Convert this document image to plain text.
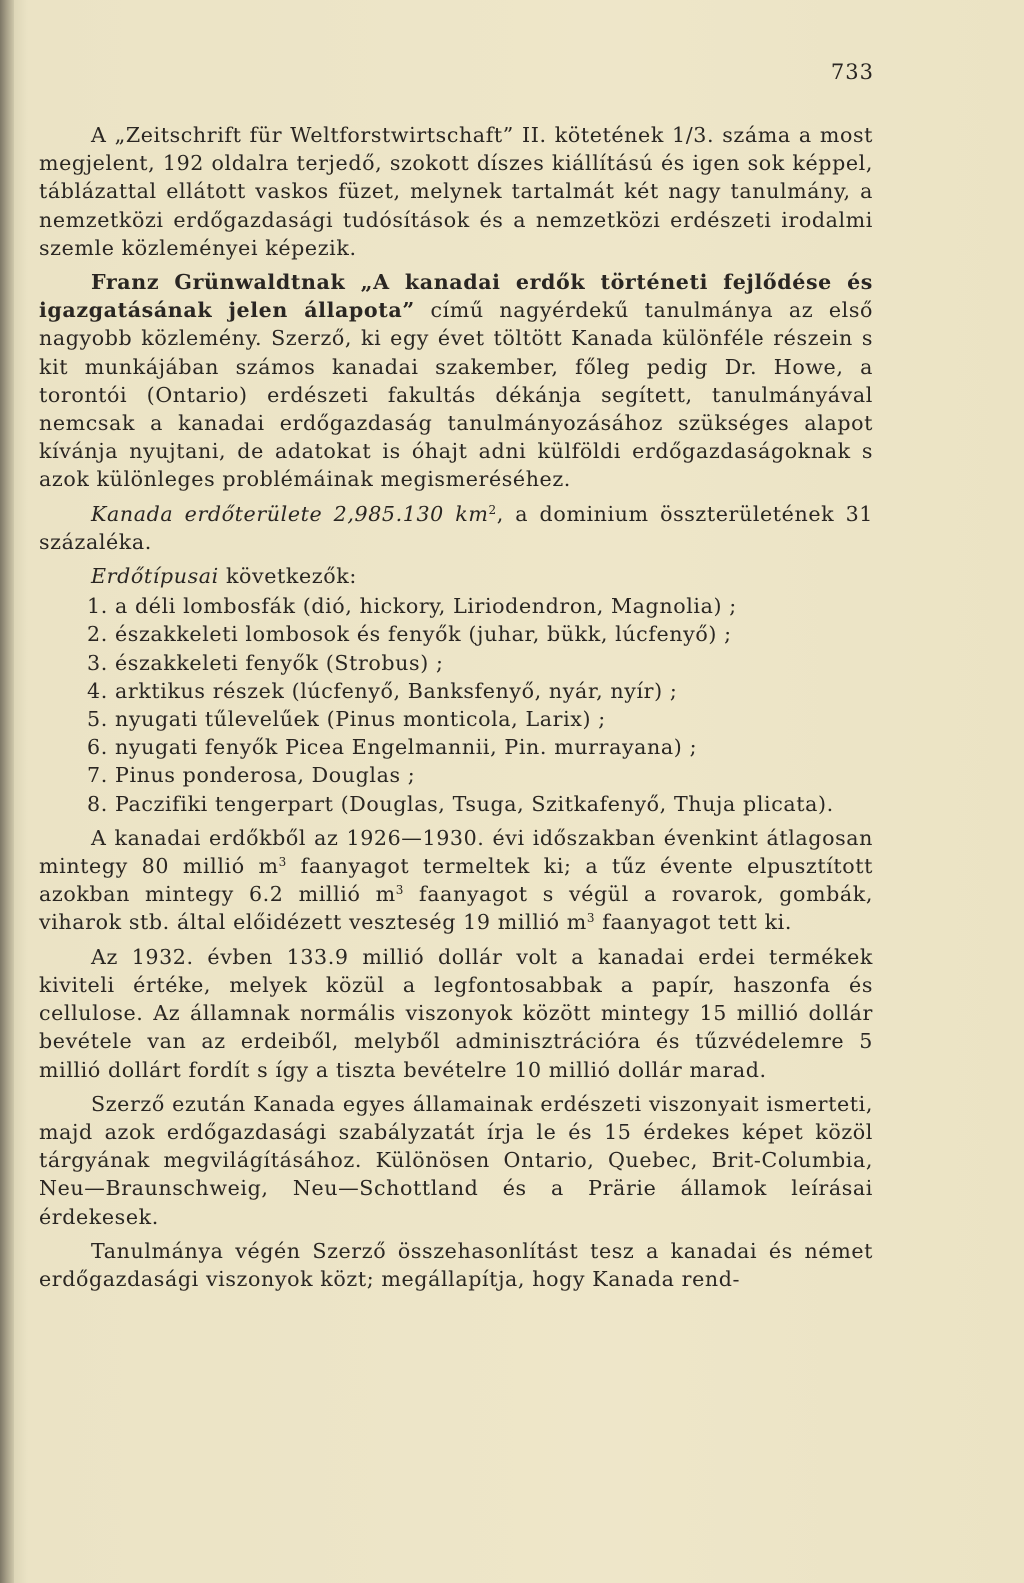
733

A „Zeitschrift für Weltforstwirtschaft” II. kötetének 1/3. száma a most megjelent, 192 oldalra terjedő, szokott díszes kiállítású és igen sok képpel, táblázattal ellátott vaskos füzet, melynek tartalmát két nagy tanulmány, a nemzetközi erdőgazdasági tudósítások és a nemzetközi erdészeti irodalmi szemle közleményei képezik.

Franz Grünwaldtnak „A kanadai erdők történeti fejlődése és igazgatásának jelen állapota” című nagyérdekű tanulmánya az első nagyobb közlemény. Szerző, ki egy évet töltött Kanada különféle részein s kit munkájában számos kanadai szakember, főleg pedig Dr. Howe, a torontói (Ontario) erdészeti fakultás dékánja segített, tanulmányával nemcsak a kanadai erdőgazdaság tanulmányozásához szükséges alapot kívánja nyujtani, de adatokat is óhajt adni külföldi erdőgazdaságoknak s azok különleges problémáinak megismeréséhez.

Kanada erdőterülete 2,985.130 $km^2$, a dominium összterületének 31 százaléka.

Erdőtípusai következők:

1. a déli lombosfák (dió, hickory, Liriodendron, Magnolia) ;
2. északkeleti lombosok és fenyők (juhar, bükk, lúcfenyő) ;
3. északkeleti fenyők (Strobus) ;
4. arktikus részek (lúcfenyő, Banksfenyő, nyár, nyír) ;
5. nyugati tűlevelűek (Pinus monticola, Larix) ;
6. nyugati fenyők Picea Engelmannii, Pin. murrayana) ;
7. Pinus ponderosa, Douglas ;
8. Paczifiki tengerpart (Douglas, Tsuga, Szitkafenyő, Thuja plicata).

A kanadai erdőkből az 1926—1930. évi időszakban évenkint átlagosan mintegy 80 millió $m^3$ faanyagot termeltek ki; a tűz évente elpusztított azokban mintegy 6.2 millió $m^3$ faanyagot s végül a rovarok, gombák, viharok stb. által előidézett veszteség 19 millió $m^3$ faanyagot tett ki.

Az 1932. évben 133.9 millió dollár volt a kanadai erdei termékek kiviteli értéke, melyek közül a legfontosabbak a papír, haszonfa és cellulose. Az államnak normális viszonyok között mintegy 15 millió dollár bevétele van az erdeiből, melyből adminisztrációra és tűzvédelemre 5 millió dollárt fordít s így a tiszta bevételre 10 millió dollár marad.

Szerző ezután Kanada egyes államainak erdészeti viszonyait ismerteti, majd azok erdőgazdasági szabályzatát írja le és 15 érdekes képet közöl tárgyának megvilágításához. Különösen Ontario, Quebec, Brit-Columbia, Neu—Braunschweig, Neu—Schottland és a Prärie államok leírásai érdekesek.

Tanulmánya végén Szerző összehasonlítást tesz a kanadai és német erdőgazdasági viszonyok közt; megállapítja, hogy Kanada rend-
